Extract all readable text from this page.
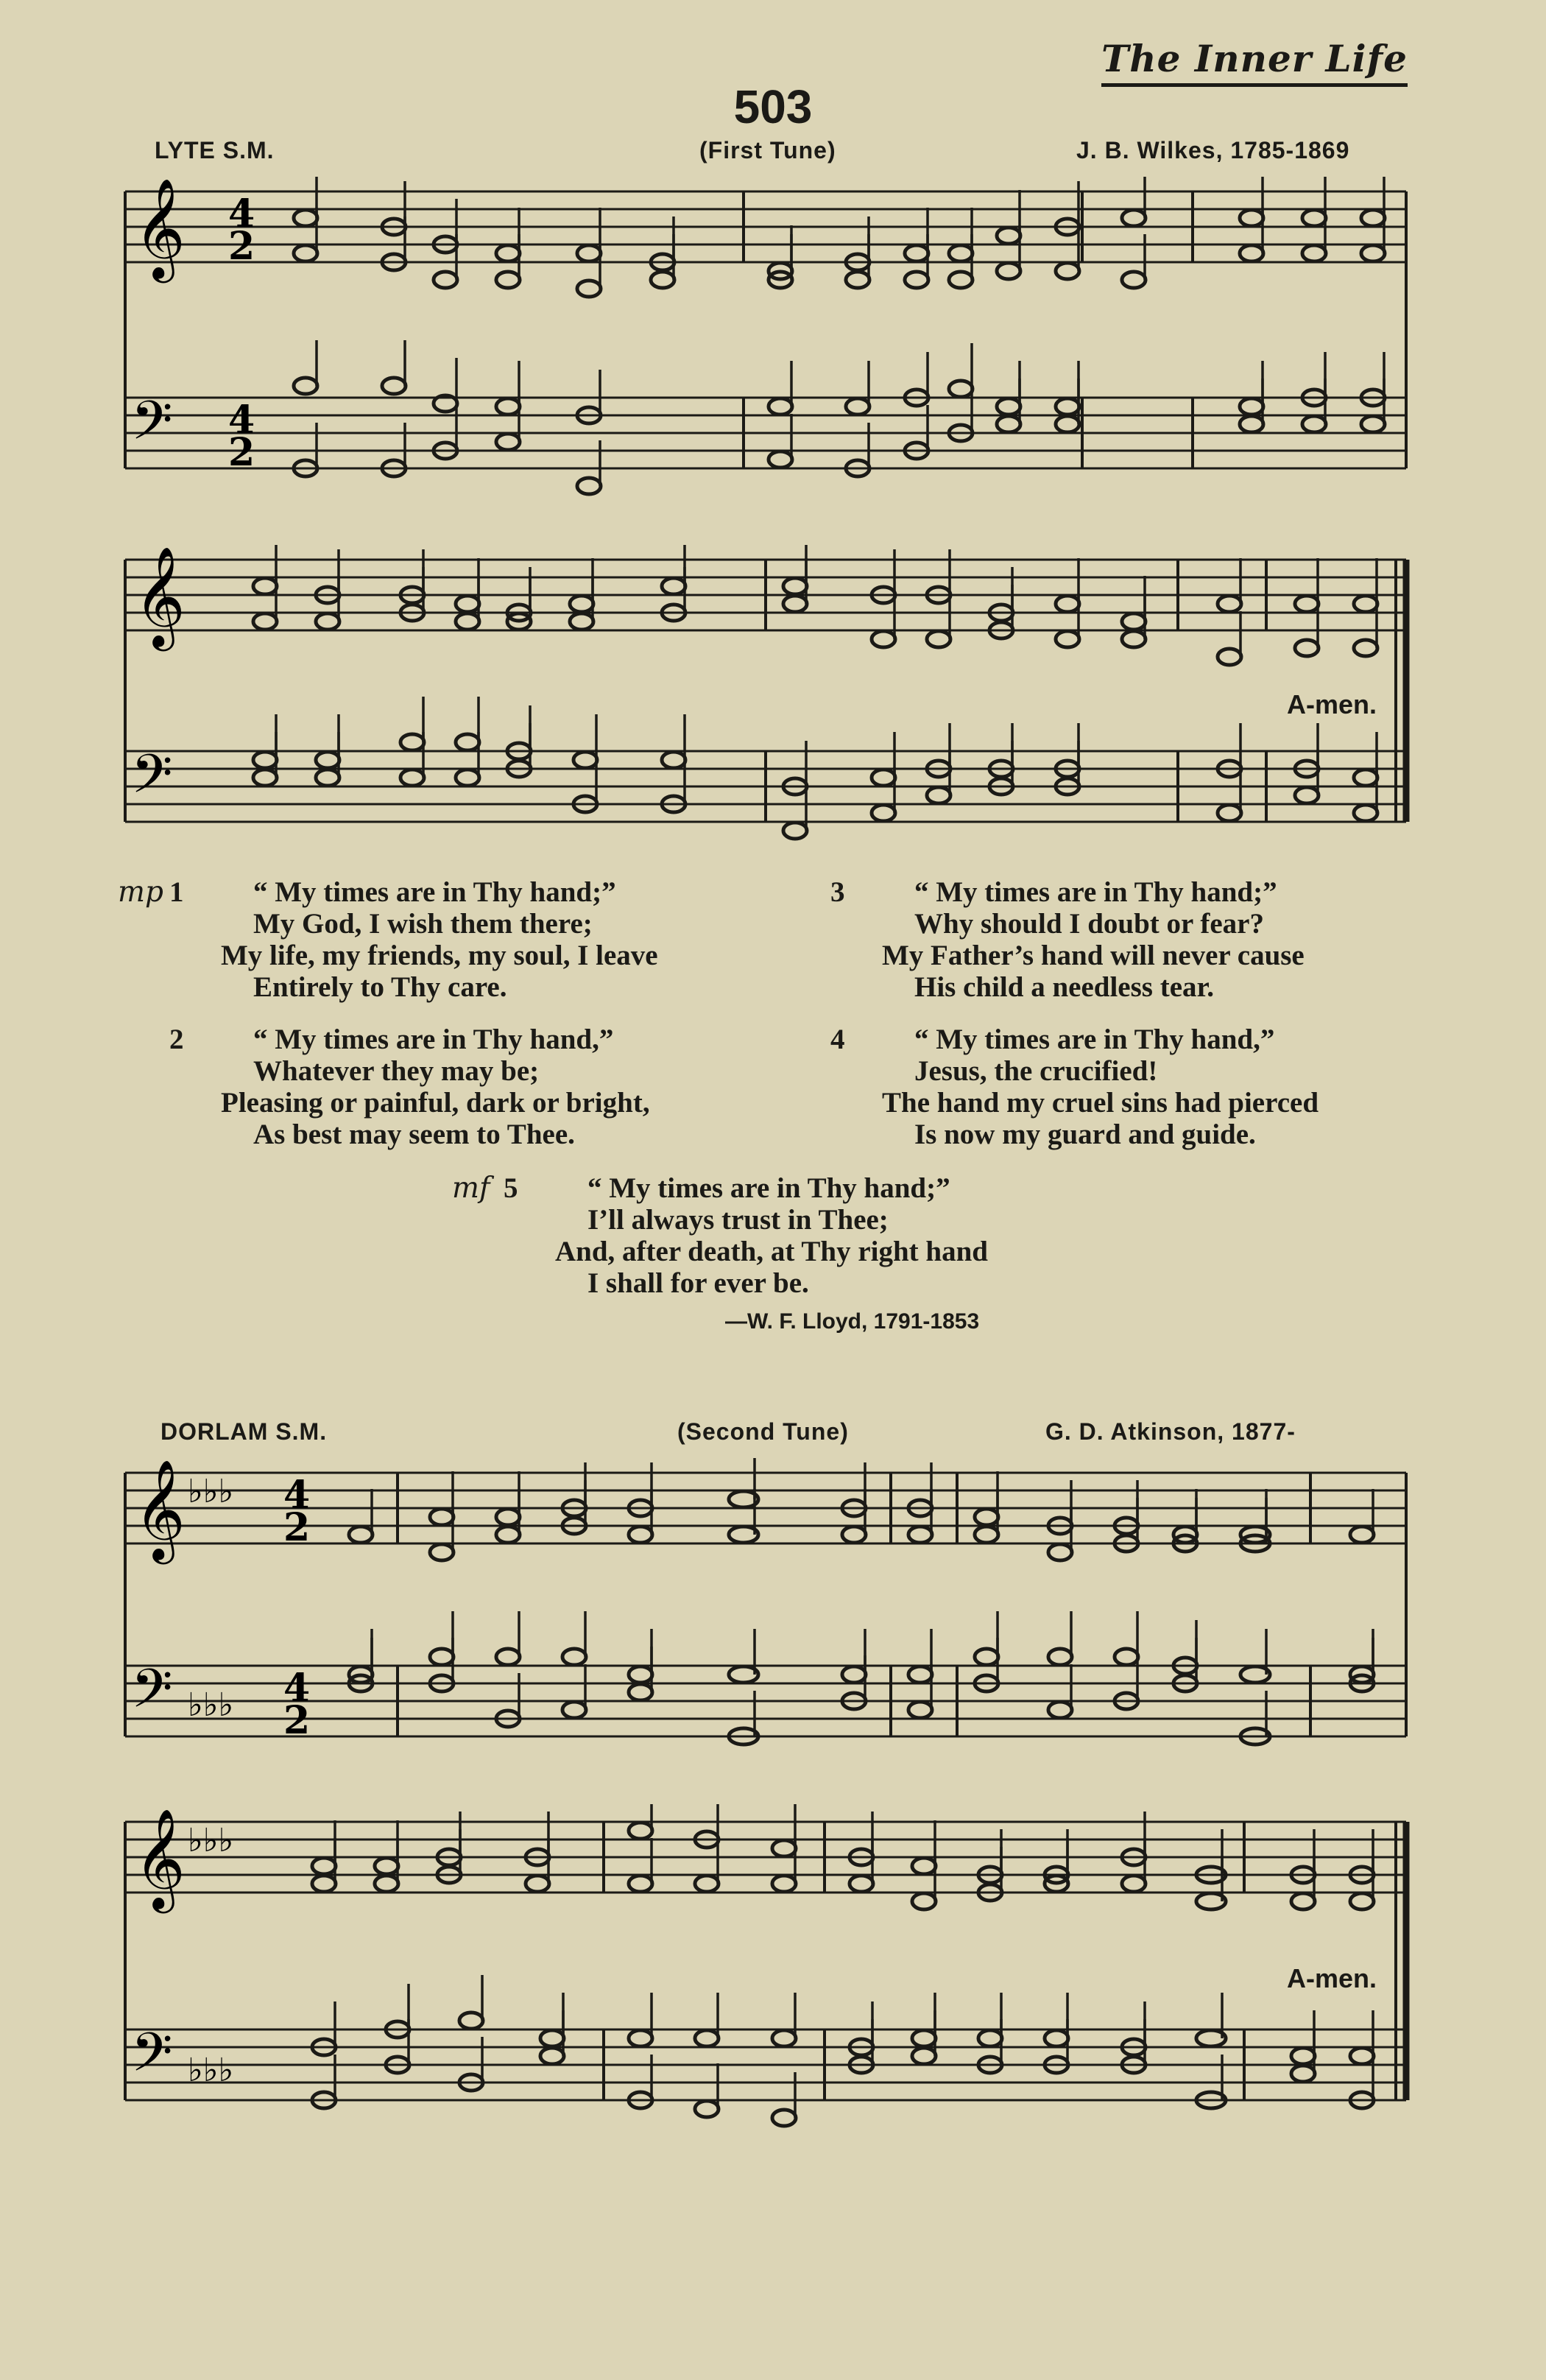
The Inner Life
503
LYTE S.M.	(First Tune)	J. B. Wilkes, 1785-1869
𝄞
𝄢
4
2
4
2
𝄞
𝄢
A-men.
mp 1	“ My times are in Thy hand;”
My God, I wish them there;
My life, my friends, my soul, I leave
Entirely to Thy care.
2	“ My times are in Thy hand,”
Whatever they may be;
Pleasing or painful, dark or bright,
As best may seem to Thee.
3	“ My times are in Thy hand;”
Why should I doubt or fear?
My Father’s hand will never cause
His child a needless tear.
4	“ My times are in Thy hand,”
Jesus, the crucified!
The hand my cruel sins had pierced
Is now my guard and guide.
mf 5	“ My times are in Thy hand;”
I’ll always trust in Thee;
And, after death, at Thy right hand
I shall for ever be.
—W. F. Lloyd, 1791-1853
DORLAM S.M.	(Second Tune)	G. D. Atkinson, 1877-
𝄞
𝄢
♭♭♭
♭♭♭
4
2
4
2
𝄞
𝄢
♭♭♭
♭♭♭
A-men.
